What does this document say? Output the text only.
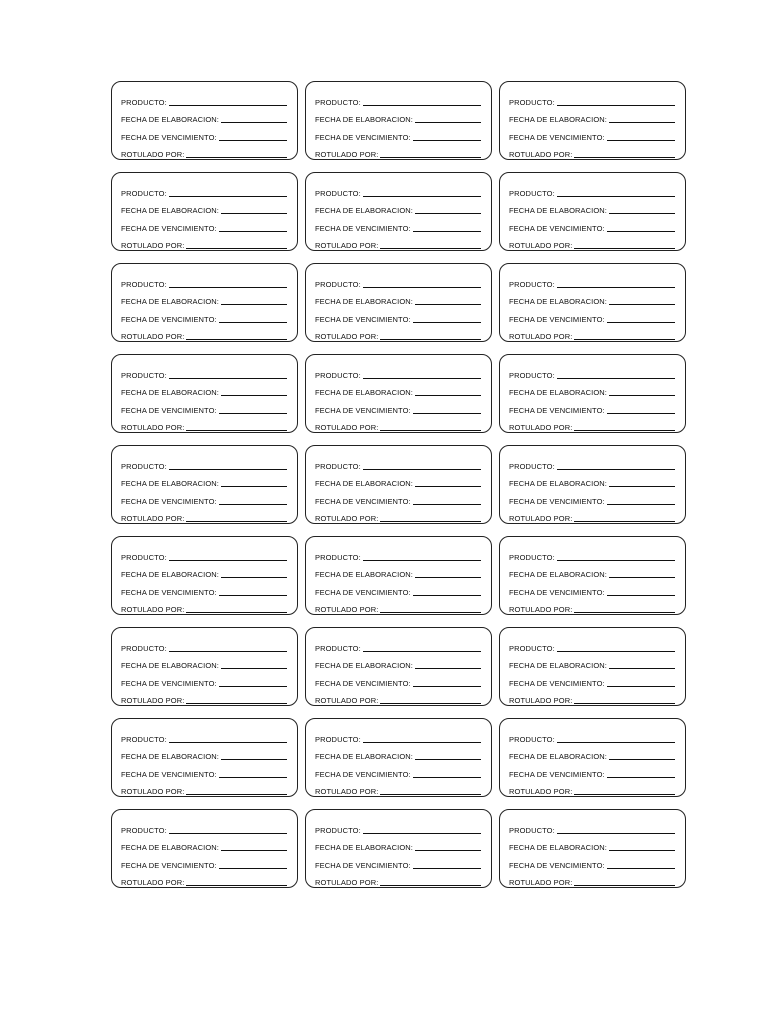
PRODUCTO:
FECHA DE ELABORACION:
FECHA DE VENCIMIENTO:
ROTULADO POR:
PRODUCTO:
FECHA DE ELABORACION:
FECHA DE VENCIMIENTO:
ROTULADO POR:
PRODUCTO:
FECHA DE ELABORACION:
FECHA DE VENCIMIENTO:
ROTULADO POR:
PRODUCTO:
FECHA DE ELABORACION:
FECHA DE VENCIMIENTO:
ROTULADO POR:
PRODUCTO:
FECHA DE ELABORACION:
FECHA DE VENCIMIENTO:
ROTULADO POR:
PRODUCTO:
FECHA DE ELABORACION:
FECHA DE VENCIMIENTO:
ROTULADO POR:
PRODUCTO:
FECHA DE ELABORACION:
FECHA DE VENCIMIENTO:
ROTULADO POR:
PRODUCTO:
FECHA DE ELABORACION:
FECHA DE VENCIMIENTO:
ROTULADO POR:
PRODUCTO:
FECHA DE ELABORACION:
FECHA DE VENCIMIENTO:
ROTULADO POR:
PRODUCTO:
FECHA DE ELABORACION:
FECHA DE VENCIMIENTO:
ROTULADO POR:
PRODUCTO:
FECHA DE ELABORACION:
FECHA DE VENCIMIENTO:
ROTULADO POR:
PRODUCTO:
FECHA DE ELABORACION:
FECHA DE VENCIMIENTO:
ROTULADO POR:
PRODUCTO:
FECHA DE ELABORACION:
FECHA DE VENCIMIENTO:
ROTULADO POR:
PRODUCTO:
FECHA DE ELABORACION:
FECHA DE VENCIMIENTO:
ROTULADO POR:
PRODUCTO:
FECHA DE ELABORACION:
FECHA DE VENCIMIENTO:
ROTULADO POR:
PRODUCTO:
FECHA DE ELABORACION:
FECHA DE VENCIMIENTO:
ROTULADO POR:
PRODUCTO:
FECHA DE ELABORACION:
FECHA DE VENCIMIENTO:
ROTULADO POR:
PRODUCTO:
FECHA DE ELABORACION:
FECHA DE VENCIMIENTO:
ROTULADO POR:
PRODUCTO:
FECHA DE ELABORACION:
FECHA DE VENCIMIENTO:
ROTULADO POR:
PRODUCTO:
FECHA DE ELABORACION:
FECHA DE VENCIMIENTO:
ROTULADO POR:
PRODUCTO:
FECHA DE ELABORACION:
FECHA DE VENCIMIENTO:
ROTULADO POR:
PRODUCTO:
FECHA DE ELABORACION:
FECHA DE VENCIMIENTO:
ROTULADO POR:
PRODUCTO:
FECHA DE ELABORACION:
FECHA DE VENCIMIENTO:
ROTULADO POR:
PRODUCTO:
FECHA DE ELABORACION:
FECHA DE VENCIMIENTO:
ROTULADO POR:
PRODUCTO:
FECHA DE ELABORACION:
FECHA DE VENCIMIENTO:
ROTULADO POR:
PRODUCTO:
FECHA DE ELABORACION:
FECHA DE VENCIMIENTO:
ROTULADO POR:
PRODUCTO:
FECHA DE ELABORACION:
FECHA DE VENCIMIENTO:
ROTULADO POR:
